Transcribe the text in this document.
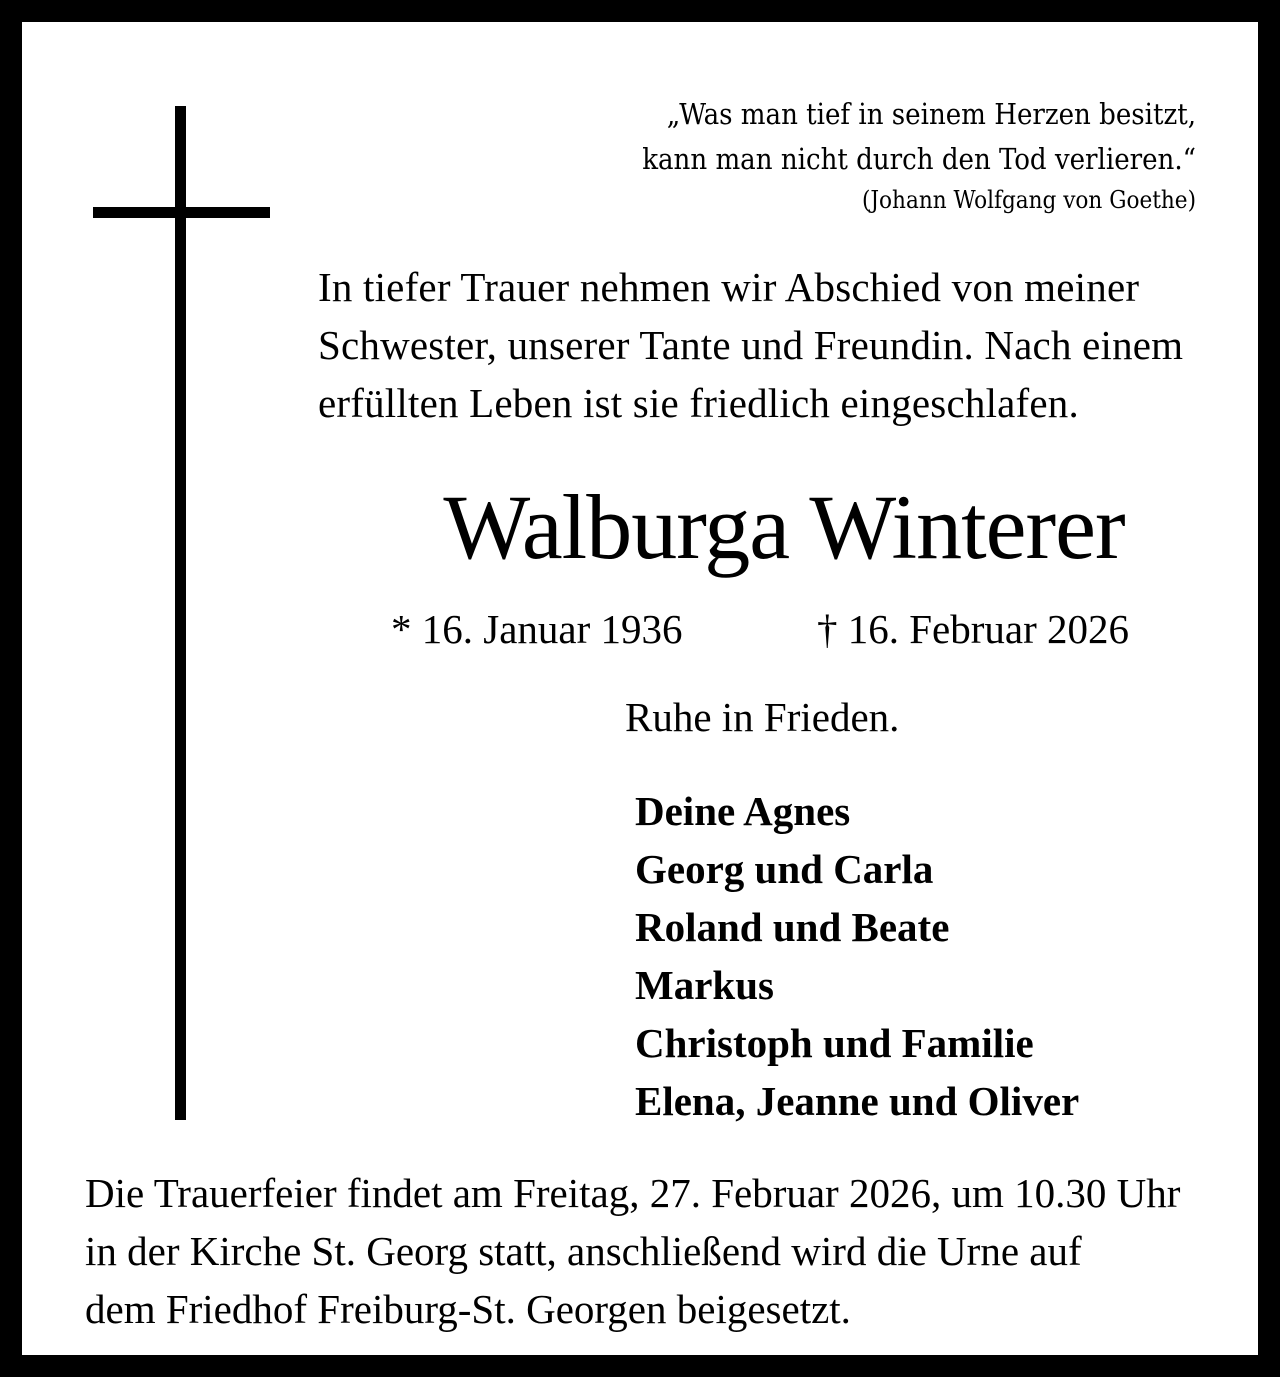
„Was man tief in seinem Herzen besitzt,
kann man nicht durch den Tod verlieren.“
(Johann Wolfgang von Goethe)
In tiefer Trauer nehmen wir Abschied von meiner
Schwester, unserer Tante und Freundin. Nach einem
erfüllten Leben ist sie friedlich eingeschlafen.
Walburga Winterer
* 16. Januar 1936	† 16. Februar 2026
Ruhe in Frieden.
Deine Agnes
Georg und Carla
Roland und Beate
Markus
Christoph und Familie
Elena, Jeanne und Oliver
Die Trauerfeier findet am Freitag, 27. Februar 2026, um 10.30 Uhr
in der Kirche St. Georg statt, anschließend wird die Urne auf
dem Friedhof Freiburg-St. Georgen beigesetzt.
